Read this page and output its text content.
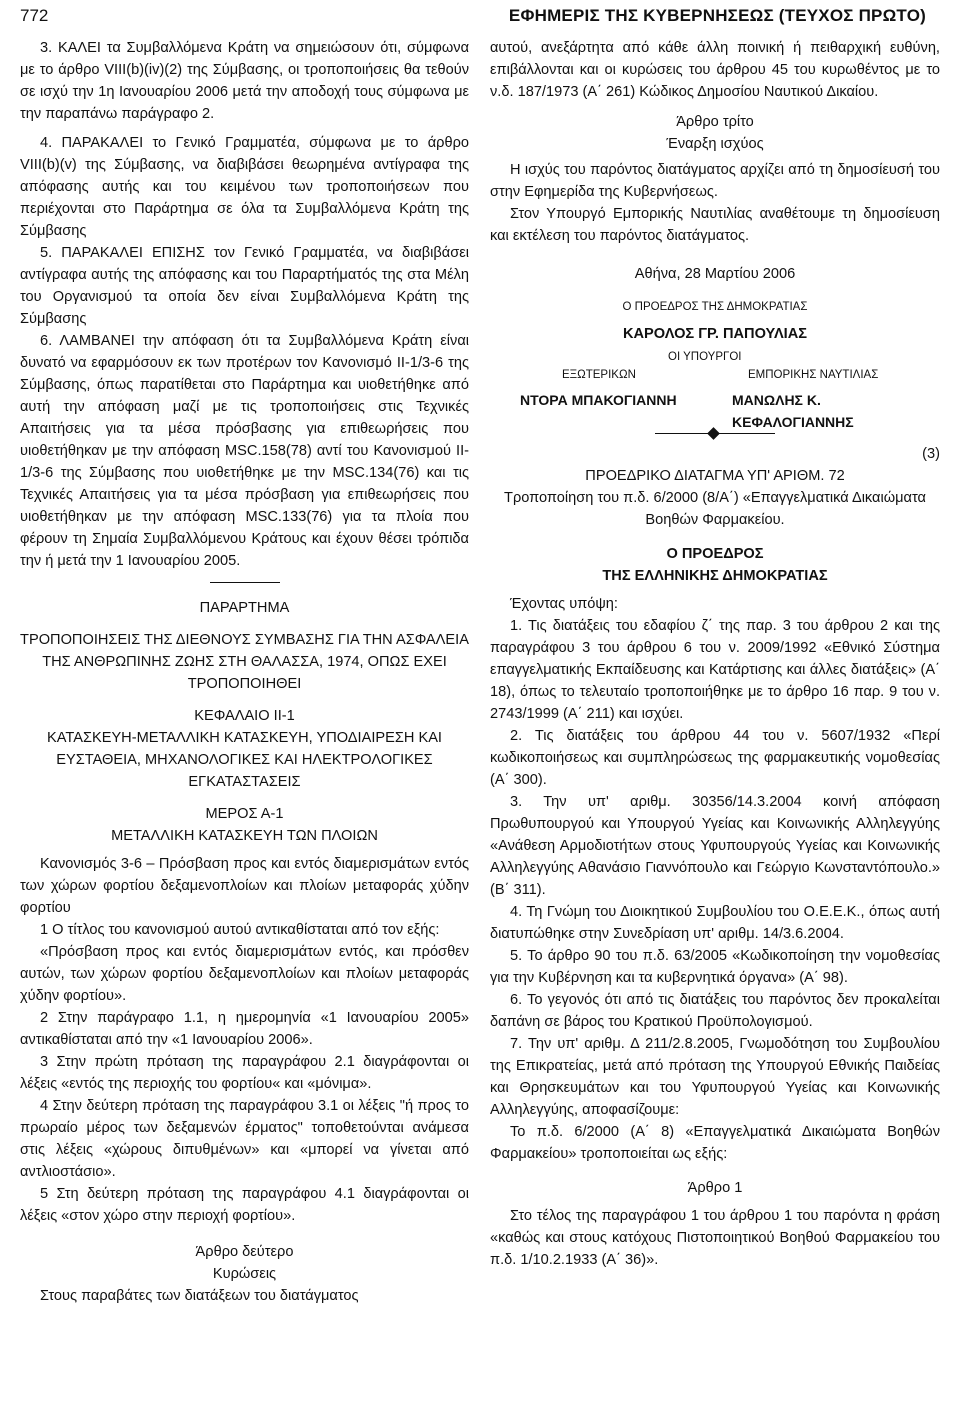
772	ΕΦΗΜΕΡΙΣ ΤΗΣ ΚΥΒΕΡΝΗΣΕΩΣ (ΤΕΥΧΟΣ ΠΡΩΤΟ)

3. ΚΑΛΕΙ τα Συμβαλλόμενα Κράτη να σημειώσουν ότι, σύμφωνα με το άρθρο VIII(b)(iv)(2) της Σύμβασης, οι τροποποιήσεις θα τεθούν σε ισχύ την 1η Ιανουαρίου 2006 μετά την αποδοχή τους σύμφωνα με την παραπάνω παράγραφο 2.

4. ΠΑΡΑΚΑΛΕΙ το Γενικό Γραμματέα, σύμφωνα με το άρθρο VIII(b)(v) της Σύμβασης, να διαβιβάσει θεωρημένα αντίγραφα της απόφασης αυτής και του κειμένου των τροποποιήσεων που περιέχονται στο Παράρτημα σε όλα τα Συμβαλλόμενα Κράτη της Σύμβασης

5. ΠΑΡΑΚΑΛΕΙ ΕΠΙΣΗΣ τον Γενικό Γραμματέα, να διαβιβάσει αντίγραφα αυτής της απόφασης και του Παραρτήματός της στα Μέλη του Οργανισμού τα οποία δεν είναι Συμβαλλόμενα Κράτη της Σύμβασης

6. ΛΑΜΒΑΝΕΙ την απόφαση ότι τα Συμβαλλόμενα Κράτη είναι δυνατό να εφαρμόσουν εκ των προτέρων τον Κανονισμό II-1/3-6 της Σύμβασης, όπως παρατίθεται στο Παράρτημα και υιοθετήθηκε από αυτή την απόφαση μαζί με τις τροποποιήσεις στις Τεχνικές Απαιτήσεις για τα μέσα πρόσβασης για επιθεωρήσεις που υιοθετήθηκαν με την απόφαση MSC.158(78) αντί του Κανονισμού II-1/3-6 της Σύμβασης που υιοθετήθηκε με την MSC.134(76) και τις Τεχνικές Απαιτήσεις για τα μέσα πρόσβαση για επιθεωρήσεις που υιοθετήθηκαν με την απόφαση MSC.133(76) για τα πλοία που φέρουν τη Σημαία Συμβαλλόμενου Κράτους και έχουν θέσει τρόπιδα την ή μετά την 1 Ιανουαρίου 2005.

ΠΑΡΑΡΤΗΜΑ

ΤΡΟΠΟΠΟΙΗΣΕΙΣ ΤΗΣ ΔΙΕΘΝΟΥΣ ΣΥΜΒΑΣΗΣ ΓΙΑ ΤΗΝ ΑΣΦΑΛΕΙΑ ΤΗΣ ΑΝΘΡΩΠΙΝΗΣ ΖΩΗΣ ΣΤΗ ΘΑΛΑΣΣΑ, 1974, ΟΠΩΣ ΕΧΕΙ ΤΡΟΠΟΠΟΙΗΘΕΙ

ΚΕΦΑΛΑΙΟ II-1

ΚΑΤΑΣΚΕΥΗ-ΜΕΤΑΛΛΙΚΗ ΚΑΤΑΣΚΕΥΗ, ΥΠΟΔΙΑΙΡΕΣΗ ΚΑΙ ΕΥΣΤΑΘΕΙΑ, ΜΗΧΑΝΟΛΟΓΙΚΕΣ ΚΑΙ ΗΛΕΚΤΡΟΛΟΓΙΚΕΣ ΕΓΚΑΤΑΣΤΑΣΕΙΣ

ΜΕΡΟΣ Α-1

ΜΕΤΑΛΛΙΚΗ ΚΑΤΑΣΚΕΥΗ ΤΩΝ ΠΛΟΙΩΝ

Κανονισμός 3-6 – Πρόσβαση προς και εντός διαμερισμάτων εντός των χώρων φορτίου δεξαμενοπλοίων και πλοίων μεταφοράς χύδην φορτίου

1 Ο τίτλος του κανονισμού αυτού αντικαθίσταται από τον εξής:

«Πρόσβαση προς και εντός διαμερισμάτων εντός, και πρόσθεν αυτών, των χώρων φορτίου δεξαμενοπλοίων και πλοίων μεταφοράς χύδην φορτίου».

2 Στην παράγραφο 1.1, η ημερομηνία «1 Ιανουαρίου 2005» αντικαθίσταται από την «1 Ιανουαρίου 2006».

3 Στην πρώτη πρόταση της παραγράφου 2.1 διαγράφονται οι λέξεις «εντός της περιοχής του φορτίου« και «μόνιμα».

4 Στην δεύτερη πρόταση της παραγράφου 3.1 οι λέξεις "ή προς το πρωραίο μέρος των δεξαμενών έρματος" τοποθετούνται ανάμεσα στις λέξεις «χώρους διπυθμένων» και «μπορεί να γίνεται από αντλιοστάσιο».

5 Στη δεύτερη πρόταση της παραγράφου 4.1 διαγράφονται οι λέξεις «στον χώρο στην περιοχή φορτίου».

Άρθρο δεύτερο

Κυρώσεις

Στους παραβάτες των διατάξεων του διατάγματος

αυτού, ανεξάρτητα από κάθε άλλη ποινική ή πειθαρχική ευθύνη, επιβάλλονται και οι κυρώσεις του άρθρου 45 του κυρωθέντος με το ν.δ. 187/1973 (Α΄ 261) Κώδικος Δημοσίου Ναυτικού Δικαίου.

Άρθρο τρίτο

Έναρξη ισχύος

Η ισχύς του παρόντος διατάγματος αρχίζει από τη δημοσίευσή του στην Εφημερίδα της Κυβερνήσεως.

Στον Υπουργό Εμπορικής Ναυτιλίας αναθέτουμε τη δημοσίευση και εκτέλεση του παρόντος διατάγματος.

Αθήνα, 28 Μαρτίου 2006

Ο ΠΡΟΕΔΡΟΣ ΤΗΣ ΔΗΜΟΚΡΑΤΙΑΣ

ΚΑΡΟΛΟΣ ΓΡ. ΠΑΠΟΥΛΙΑΣ

ΟΙ ΥΠΟΥΡΓΟΙ
ΕΞΩΤΕΡΙΚΩΝ	ΕΜΠΟΡΙΚΗΣ ΝΑΥΤΙΛΙΑΣ
ΝΤΟΡΑ ΜΠΑΚΟΓΙΑΝΝΗ	ΜΑΝΩΛΗΣ Κ. ΚΕΦΑΛΟΓΙΑΝΝΗΣ

(3)

ΠΡΟΕΔΡΙΚΟ ΔΙΑΤΑΓΜΑ ΥΠ' ΑΡΙΘΜ. 72

Τροποποίηση του π.δ. 6/2000 (8/Α΄) «Επαγγελματικά Δικαιώματα Βοηθών Φαρμακείου.

Ο ΠΡΟΕΔΡΟΣ

ΤΗΣ ΕΛΛΗΝΙΚΗΣ ΔΗΜΟΚΡΑΤΙΑΣ

Έχοντας υπόψη:

1. Τις διατάξεις του εδαφίου ζ΄ της παρ. 3 του άρθρου 2 και της παραγράφου 3 του άρθρου 6 του ν. 2009/1992 «Εθνικό Σύστημα επαγγελματικής Εκπαίδευσης και Κατάρτισης και άλλες διατάξεις» (Α΄ 18), όπως το τελευταίο τροποποιήθηκε με το άρθρο 16 παρ. 9 του ν. 2743/1999 (Α΄ 211) και ισχύει.

2. Τις διατάξεις του άρθρου 44 του ν. 5607/1932 «Περί κωδικοποιήσεως και συμπληρώσεως της φαρμακευτικής νομοθεσίας (Α΄ 300).

3. Την υπ' αριθμ. 30356/14.3.2004 κοινή απόφαση Πρωθυπουργού και Υπουργού Υγείας και Κοινωνικής Αλληλεγγύης «Ανάθεση Αρμοδιοτήτων στους Υφυπουργούς Υγείας και Κοινωνικής Αλληλεγγύης Αθανάσιο Γιαννόπουλο και Γεώργιο Κωνσταντόπουλο.» (Β΄ 311).

4. Τη Γνώμη του Διοικητικού Συμβουλίου του Ο.Ε.Ε.Κ., όπως αυτή διατυπώθηκε στην Συνεδρίαση υπ' αριθμ. 14/3.6.2004.

5. Το άρθρο 90 του π.δ. 63/2005 «Κωδικοποίηση την νομοθεσίας για την Κυβέρνηση και τα κυβερνητικά όργανα» (Α΄ 98).

6. Το γεγονός ότι από τις διατάξεις του παρόντος δεν προκαλείται δαπάνη σε βάρος του Κρατικού Προϋπολογισμού.

7. Την υπ' αριθμ. Δ 211/2.8.2005, Γνωμοδότηση του Συμβουλίου της Επικρατείας, μετά από πρόταση της Υπουργού Εθνικής Παιδείας και Θρησκευμάτων και του Υφυπουργού Υγείας και Κοινωνικής Αλληλεγγύης, αποφασίζουμε:

Το π.δ. 6/2000 (Α΄ 8) «Επαγγελματικά Δικαιώματα Βοηθών Φαρμακείου» τροποποιείται ως εξής:

Άρθρο 1

Στο τέλος της παραγράφου 1 του άρθρου 1 του παρόντα η φράση «καθώς και στους κατόχους Πιστοποιητικού Βοηθού Φαρμακείου του π.δ. 1/10.2.1933 (Α΄ 36)».
